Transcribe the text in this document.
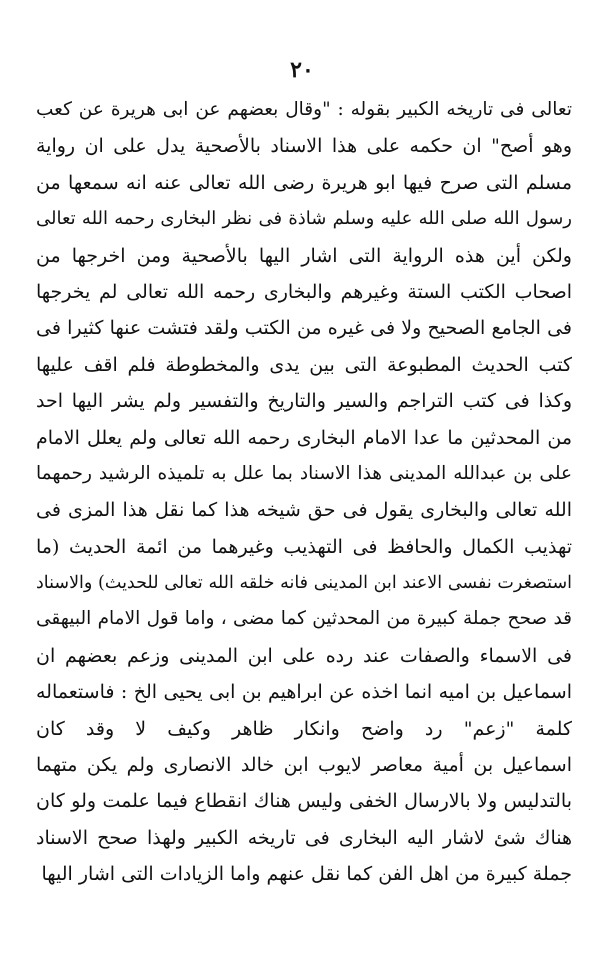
٢٠
تعالى فى تاريخه الكبير بقوله : "وقال بعضهم عن ابى هريرة عن كعب
وهو أصح" ان حكمه على هذا الاسناد بالأصحية يدل على ان رواية
مسلم التى صرح فيها ابو هريرة رضى الله تعالى عنه انه سمعها من
رسول الله صلى الله عليه وسلم شاذة فى نظر البخارى رحمه الله تعالى
ولكن أين هذه الرواية التى اشار اليها بالأصحية ومن اخرجها من
اصحاب الكتب الستة وغيرهم والبخارى رحمه الله تعالى لم يخرجها
فى الجامع الصحيح ولا فى غيره من الكتب ولقد فتشت عنها كثيرا فى
كتب الحديث المطبوعة التى بين يدى والمخطوطة فلم اقف عليها
وكذا فى كتب التراجم والسير والتاريخ والتفسير ولم يشر اليها احد
من المحدثين ما عدا الامام البخارى رحمه الله تعالى ولم يعلل الامام
على بن عبدالله المدينى هذا الاسناد بما علل به تلميذه الرشيد رحمهما
الله تعالى والبخارى يقول فى حق شيخه هذا كما نقل هذا المزى فى
تهذيب الكمال والحافظ فى التهذيب وغيرهما من ائمة الحديث (ما
استصغرت نفسى الاعند ابن المدينى فانه خلقه الله تعالى للحديث) والاسناد
قد صحح جملة كبيرة من المحدثين كما مضى ، واما قول الامام البيهقى
فى الاسماء والصفات عند رده على ابن المدينى وزعم بعضهم ان
اسماعيل بن اميه انما اخذه عن ابراهيم بن ابى يحيى الخ : فاستعماله
كلمة "زعم" رد واضح وانكار ظاهر وكيف لا وقد كان
اسماعيل بن أمية معاصر لايوب ابن خالد الانصارى ولم يكن متهما
بالتدليس ولا بالارسال الخفى وليس هناك انقطاع فيما علمت ولو كان
هناك شئ لاشار اليه البخارى فى تاريخه الكبير ولهذا صحح الاسناد
جملة كبيرة من اهل الفن كما نقل عنهم واما الزيادات التى اشار اليها
